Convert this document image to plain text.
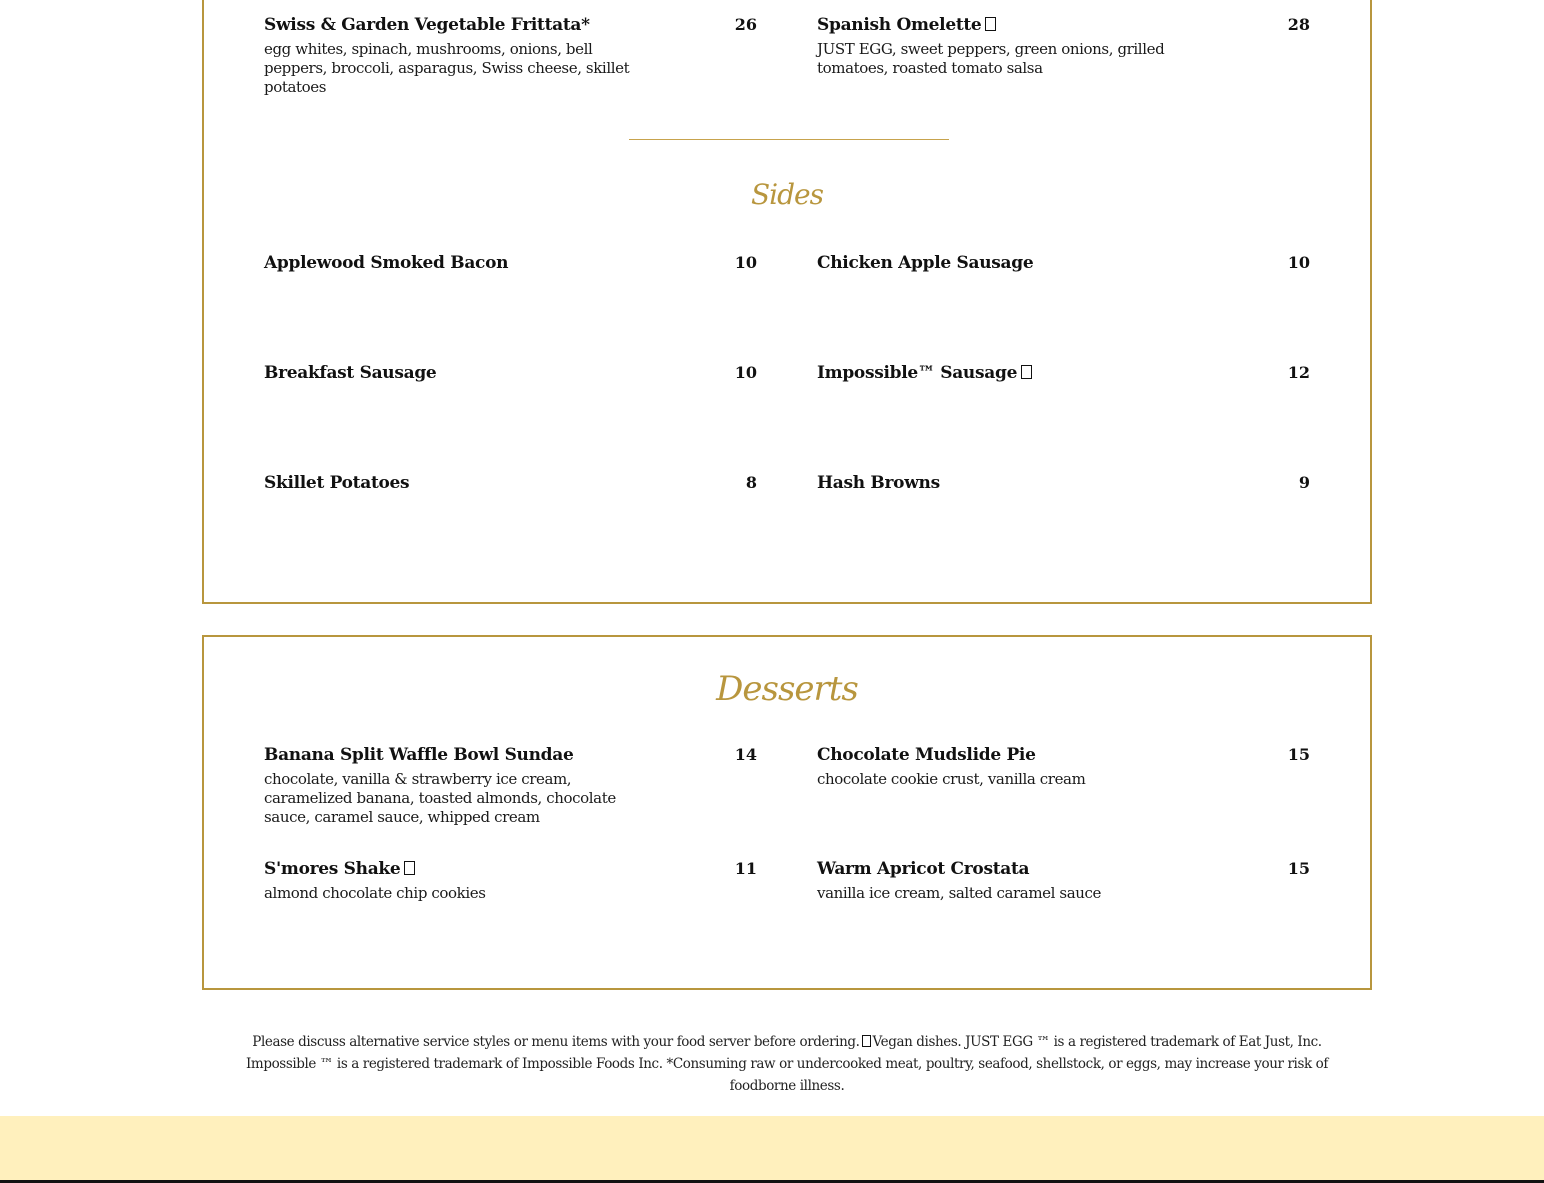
Swiss & Garden Vegetable Frittata*	26
egg whites, spinach, mushrooms, onions, bell peppers, broccoli, asparagus, Swiss cheese, skillet potatoes
Spanish Omelette	28
JUST EGG, sweet peppers, green onions, grilled tomatoes, roasted tomato salsa
Sides
Applewood Smoked Bacon	10	Chicken Apple Sausage	10
Breakfast Sausage	10	Impossible™ Sausage	12
Skillet Potatoes	8	Hash Browns	9
Desserts
Banana Split Waffle Bowl Sundae	14
chocolate, vanilla & strawberry ice cream, caramelized banana, toasted almonds, chocolate sauce, caramel sauce, whipped cream
Chocolate Mudslide Pie	15
chocolate cookie crust, vanilla cream
S'mores Shake	11
almond chocolate chip cookies
Warm Apricot Crostata	15
vanilla ice cream, salted caramel sauce
Please discuss alternative service styles or menu items with your food server before ordering. Vegan dishes. JUST EGG ™ is a registered trademark of Eat Just, Inc. Impossible ™ is a registered trademark of Impossible Foods Inc. *Consuming raw or undercooked meat, poultry, seafood, shellstock, or eggs, may increase your risk of foodborne illness.
